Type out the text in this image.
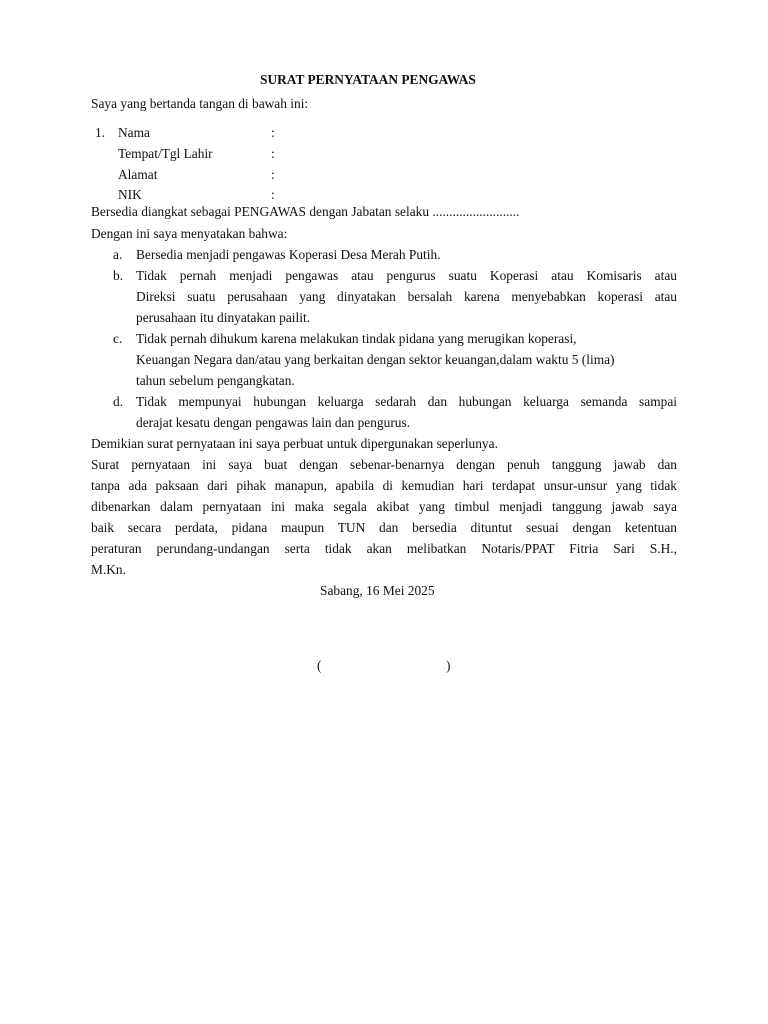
SURAT PERNYATAAN PENGAWAS
Saya yang bertanda tangan di bawah ini:
1. Nama	:
Tempat/Tgl Lahir	:
Alamat	:
NIK	:
Bersedia diangkat sebagai PENGAWAS dengan Jabatan selaku ..........................
Dengan ini saya menyatakan bahwa:
a. Bersedia menjadi pengawas Koperasi Desa Merah Putih.
b. Tidak pernah menjadi pengawas atau pengurus suatu Koperasi atau Komisaris atau
Direksi suatu perusahaan yang dinyatakan bersalah karena menyebabkan koperasi atau
perusahaan itu dinyatakan pailit.
c. Tidak pernah dihukum karena melakukan tindak pidana yang merugikan koperasi,
Keuangan Negara dan/atau yang berkaitan dengan sektor keuangan,dalam waktu 5 (lima)
tahun sebelum pengangkatan.
d. Tidak mempunyai hubungan keluarga sedarah dan hubungan keluarga semanda sampai
derajat kesatu dengan pengawas lain dan pengurus.
Demikian surat pernyataan ini saya perbuat untuk dipergunakan seperlunya.
Surat pernyataan ini saya buat dengan sebenar-benarnya dengan penuh tanggung jawab dan
tanpa ada paksaan dari pihak manapun, apabila di kemudian hari terdapat unsur-unsur yang tidak
dibenarkan dalam pernyataan ini maka segala akibat yang timbul menjadi tanggung jawab saya
baik secara perdata, pidana maupun TUN dan bersedia dituntut sesuai dengan ketentuan
peraturan perundang-undangan serta tidak akan melibatkan Notaris/PPAT Fitria Sari S.H.,
M.Kn.
Sabang, 16 Mei 2025
(	)
